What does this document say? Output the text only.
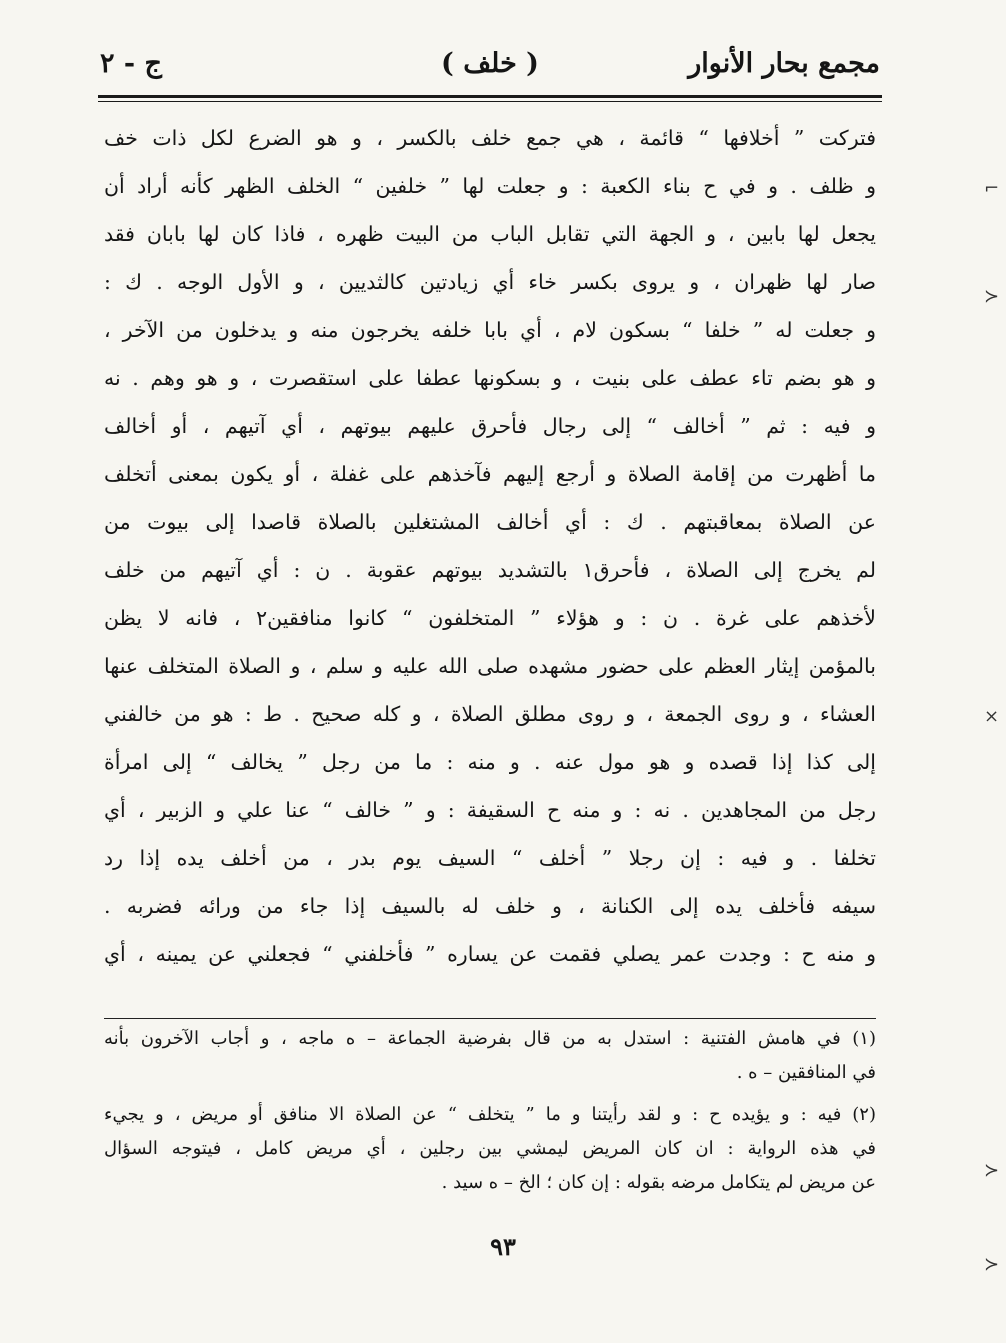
مجمع بحار الأنوار
( خلف )
ج - ٢
فتركت ” أخلافها “ قائمة ، هي جمع خلف بالكسر ، و هو الضرع لكل ذات خف
و ظلف . و في ح بناء الكعبة : و جعلت لها ” خلفين “ الخلف الظهر كأنه أراد أن
يجعل لها بابين ، و الجهة التي تقابل الباب من البيت ظهره ، فاذا كان لها بابان فقد
صار لها ظهران ، و يروى بكسر خاء أي زيادتين كالثديين ، و الأول الوجه . ك :
و جعلت له ” خلفا “ بسكون لام ، أي بابا خلفه يخرجون منه و يدخلون من الآخر ،
و هو بضم تاء عطف على بنيت ، و بسكونها عطفا على استقصرت ، و هو وهم . نه
و فيه : ثم ” أخالف “ إلى رجال فأحرق عليهم بيوتهم ، أي آتيهم ، أو أخالف
ما أظهرت من إقامة الصلاة و أرجع إليهم فآخذهم على غفلة ، أو يكون بمعنى أتخلف
عن الصلاة بمعاقبتهم . ك : أي أخالف المشتغلين بالصلاة قاصدا إلى بيوت من
لم يخرج إلى الصلاة ، فأحرق١ بالتشديد بيوتهم عقوبة . ن : أي آتيهم من خلف
لأخذهم على غرة . ن : و هؤلاء ” المتخلفون “ كانوا منافقين٢ ، فانه لا يظن
بالمؤمن إيثار العظم على حضور مشهده صلى الله عليه و سلم ، و الصلاة المتخلف عنها
العشاء ، و روى الجمعة ، و روى مطلق الصلاة ، و كله صحيح . ط : هو من خالفني
إلى كذا إذا قصده و هو مول عنه . و منه : ما من رجل ” يخالف “ إلى امرأة
رجل من المجاهدين . نه : و منه ح السقيفة : و ” خالف “ عنا علي و الزبير ، أي
تخلفا . و فيه : إن رجلا ” أخلف “ السيف يوم بدر ، من أخلف يده إذا رد
سيفه فأخلف يده إلى الكنانة ، و خلف له بالسيف إذا جاء من ورائه فضربه .
و منه ح : وجدت عمر يصلي فقمت عن يساره ” فأخلفني “ فجعلني عن يمينه ، أي
(١) في هامش الفتنية : استدل به من قال بفرضية الجماعة – ه ماجه ، و أجاب الآخرون بأنه
في المنافقين – ه .
(٢) فيه : و يؤيده ح : و لقد رأيتنا و ما ” يتخلف “ عن الصلاة الا منافق أو مريض ، و يجيء
في هذه الرواية : ان كان المريض ليمشي بين رجلين ، أي مريض كامل ، فيتوجه السؤال
عن مريض لم يتكامل مرضه بقوله : إن كان ؛ الخ – ه سيد .
٩٣
⌐
≻
×
≻
≻
